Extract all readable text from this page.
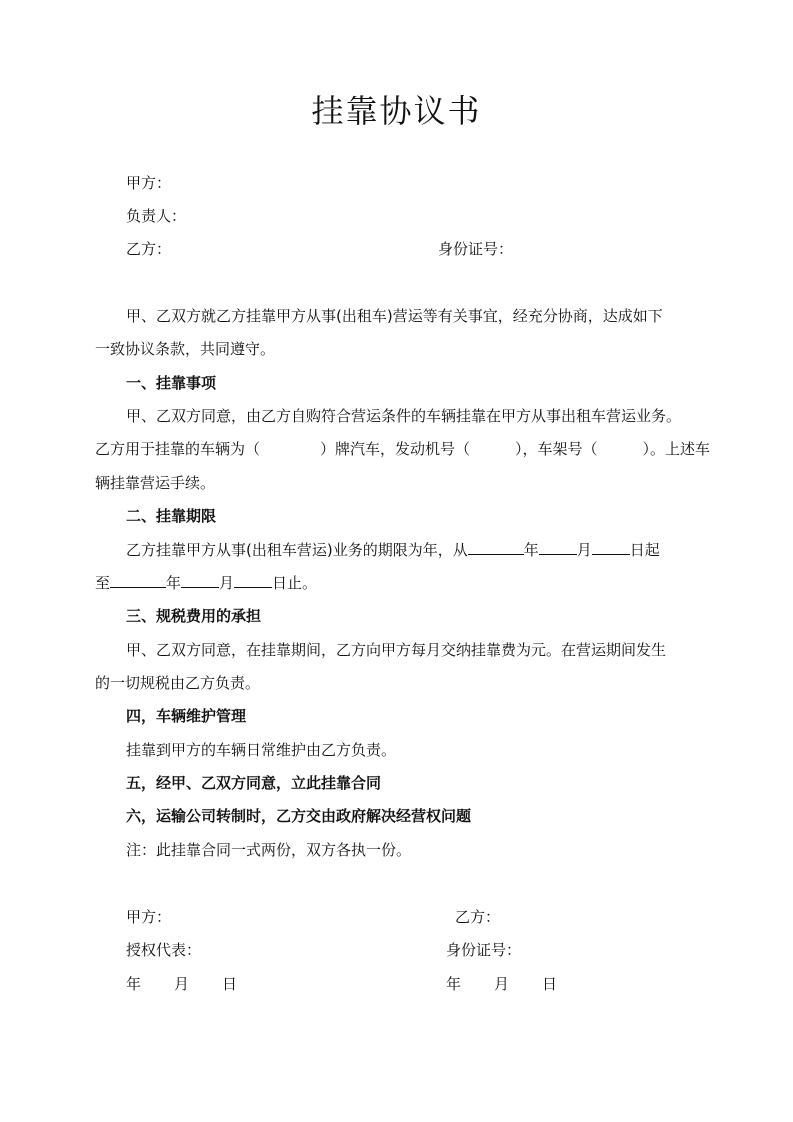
挂靠协议书
甲方：
负责人：
乙方：	身份证号：
甲、乙双方就乙方挂靠甲方从事(出租车)营运等有关事宜，经充分协商，达成如下
一致协议条款，共同遵守。
一、挂靠事项
甲、乙双方同意，由乙方自购符合营运条件的车辆挂靠在甲方从事出租车营运业务。
乙方用于挂靠的车辆为（　　　　）牌汽车，发动机号（　　　），车架号（　　　）。上述车
辆挂靠营运手续。
二、挂靠期限
乙方挂靠甲方从事(出租车营运)业务的期限为年，从	年	月	日起
至	年	月	日止。
三、规税费用的承担
甲、乙双方同意，在挂靠期间，乙方向甲方每月交纳挂靠费为元。在营运期间发生
的一切规税由乙方负责。
四，车辆维护管理
挂靠到甲方的车辆日常维护由乙方负责。
五，经甲、乙双方同意，立此挂靠合同
六，运输公司转制时，乙方交由政府解决经营权问题
注：此挂靠合同一式两份，双方各执一份。
甲方：	乙方：
授权代表：	身份证号：
年 月 日	年 月 日
